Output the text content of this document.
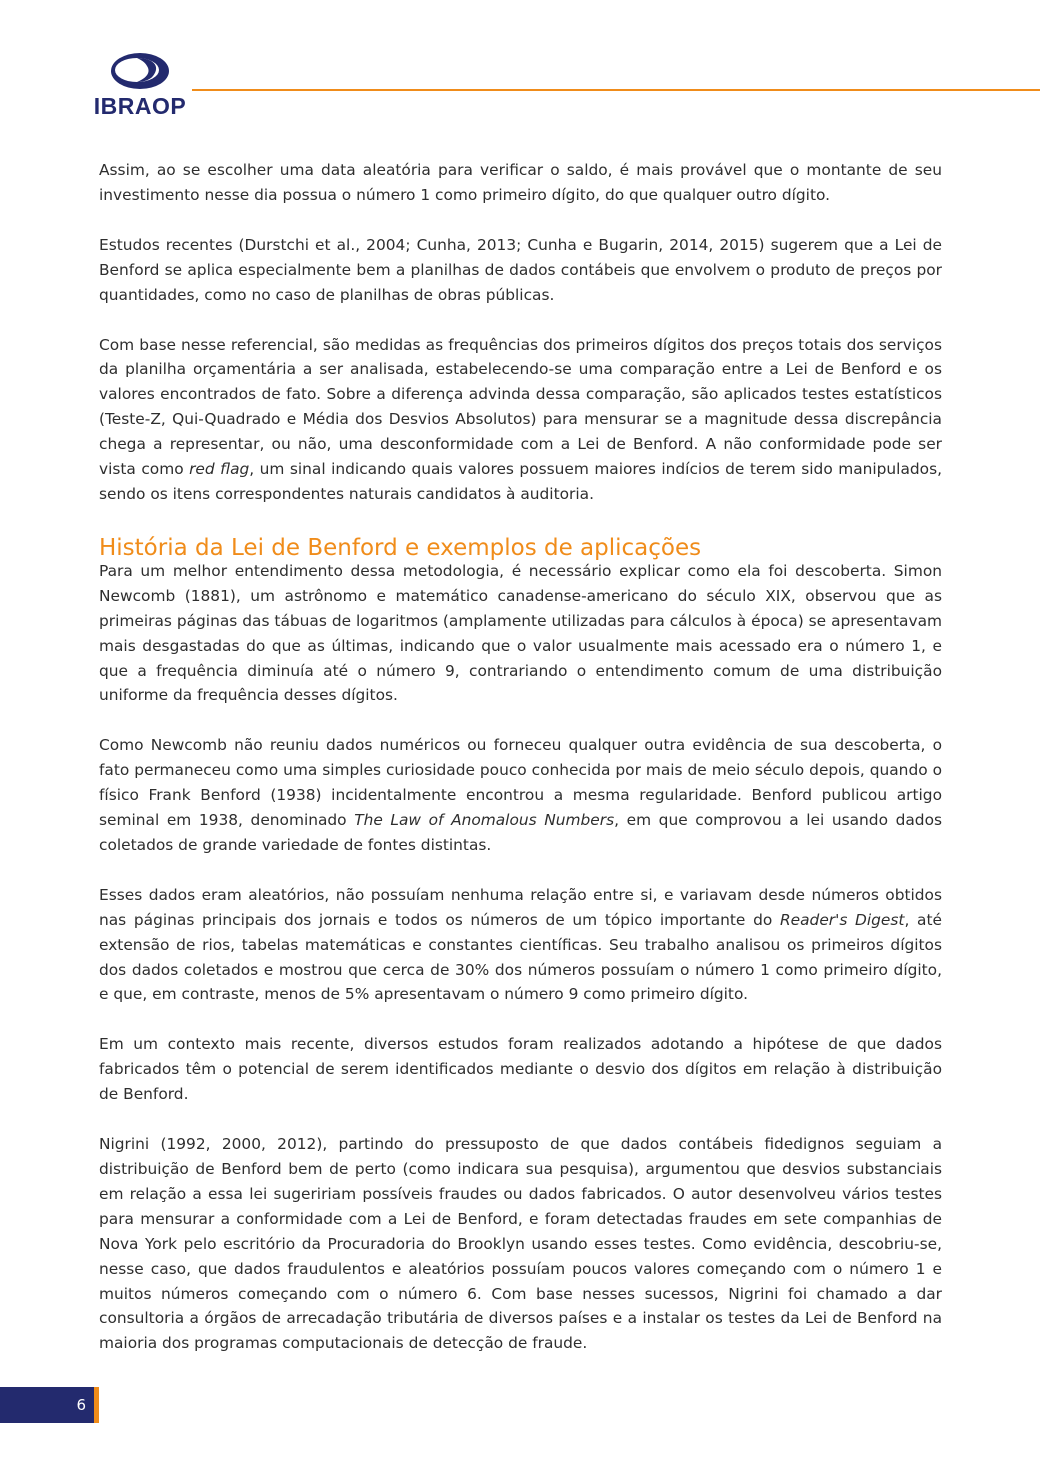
IBRAOP

Assim, ao se escolher uma data aleatória para verificar o saldo, é mais provável que o montante de seu investimento nesse dia possua o número 1 como primeiro dígito, do que qualquer outro dígito.

Estudos recentes (Durstchi et al., 2004; Cunha, 2013; Cunha e Bugarin, 2014, 2015) sugerem que a Lei de Benford se aplica especialmente bem a planilhas de dados contábeis que envolvem o produto de preços por quantidades, como no caso de planilhas de obras públicas.

Com base nesse referencial, são medidas as frequências dos primeiros dígitos dos preços totais dos serviços da planilha orçamentária a ser analisada, estabelecendo-se uma comparação entre a Lei de Benford e os valores encontrados de fato. Sobre a diferença advinda dessa comparação, são aplicados testes estatísticos (Teste-Z, Qui-Quadrado e Média dos Desvios Absolutos) para mensurar se a magnitude dessa discrepância chega a representar, ou não, uma desconformidade com a Lei de Benford. A não conformidade pode ser vista como red flag, um sinal indicando quais valores possuem maiores indícios de terem sido manipulados, sendo os itens correspondentes naturais candidatos à auditoria.

História da Lei de Benford e exemplos de aplicações

Para um melhor entendimento dessa metodologia, é necessário explicar como ela foi descoberta. Simon Newcomb (1881), um astrônomo e matemático canadense-americano do século XIX, observou que as primeiras páginas das tábuas de logaritmos (amplamente utilizadas para cálculos à época) se apresentavam mais desgastadas do que as últimas, indicando que o valor usualmente mais acessado era o número 1, e que a frequência diminuía até o número 9, contrariando o entendimento comum de uma distribuição uniforme da frequência desses dígitos.

Como Newcomb não reuniu dados numéricos ou forneceu qualquer outra evidência de sua descoberta, o fato permaneceu como uma simples curiosidade pouco conhecida por mais de meio século depois, quando o físico Frank Benford (1938) incidentalmente encontrou a mesma regularidade. Benford publicou artigo seminal em 1938, denominado The Law of Anomalous Numbers, em que comprovou a lei usando dados coletados de grande variedade de fontes distintas.

Esses dados eram aleatórios, não possuíam nenhuma relação entre si, e variavam desde números obtidos nas páginas principais dos jornais e todos os números de um tópico importante do Reader's Digest, até extensão de rios, tabelas matemáticas e constantes científicas. Seu trabalho analisou os primeiros dígitos dos dados coletados e mostrou que cerca de 30% dos números possuíam o número 1 como primeiro dígito, e que, em contraste, menos de 5% apresentavam o número 9 como primeiro dígito.

Em um contexto mais recente, diversos estudos foram realizados adotando a hipótese de que dados fabricados têm o potencial de serem identificados mediante o desvio dos dígitos em relação à distribuição de Benford.

Nigrini (1992, 2000, 2012), partindo do pressuposto de que dados contábeis fidedignos seguiam a distribuição de Benford bem de perto (como indicara sua pesquisa), argumentou que desvios substanciais em relação a essa lei sugeririam possíveis fraudes ou dados fabricados. O autor desenvolveu vários testes para mensurar a conformidade com a Lei de Benford, e foram detectadas fraudes em sete companhias de Nova York pelo escritório da Procuradoria do Brooklyn usando esses testes. Como evidência, descobriu-se, nesse caso, que dados fraudulentos e aleatórios possuíam poucos valores começando com o número 1 e muitos números começando com o número 6. Com base nesses sucessos, Nigrini foi chamado a dar consultoria a órgãos de arrecadação tributária de diversos países e a instalar os testes da Lei de Benford na maioria dos programas computacionais de detecção de fraude.

6
